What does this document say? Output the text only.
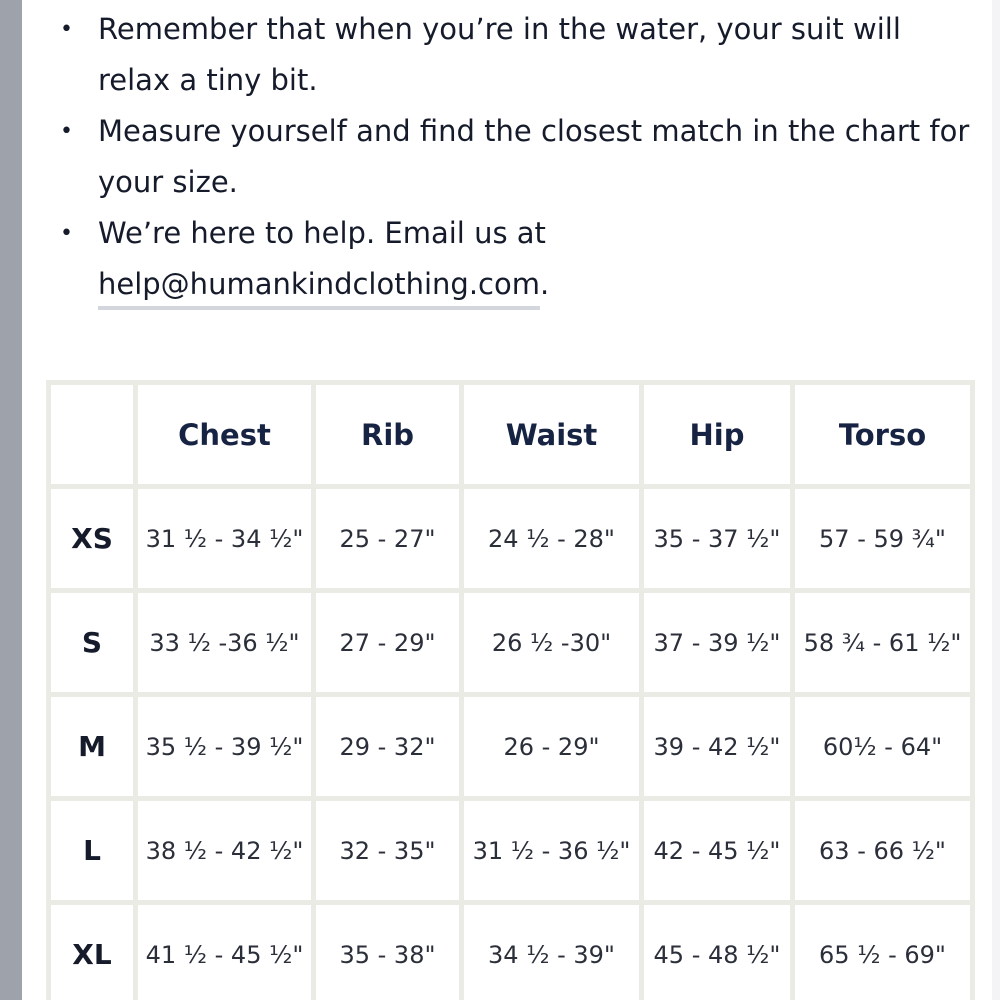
• Remember that when you’re in the water, your suit will relax a tiny bit.
• Measure yourself and find the closest match in the chart for your size.
• We’re here to help. Email us at
help@humankindclothing.com.
	Chest	Rib	Waist	Hip	Torso
XS	31 ½ - 34 ½"	25 - 27"	24 ½ - 28"	35 - 37 ½"	57 - 59 ¾"
S	33 ½ -36 ½"	27 - 29"	26 ½ -30"	37 - 39 ½"	58 ¾ - 61 ½"
M	35 ½ - 39 ½"	29 - 32"	26 - 29"	39 - 42 ½"	60½ - 64"
L	38 ½ - 42 ½"	32 - 35"	31 ½ - 36 ½"	42 - 45 ½"	63 - 66 ½"
XL	41 ½ - 45 ½"	35 - 38"	34 ½ - 39"	45 - 48 ½"	65 ½ - 69"
